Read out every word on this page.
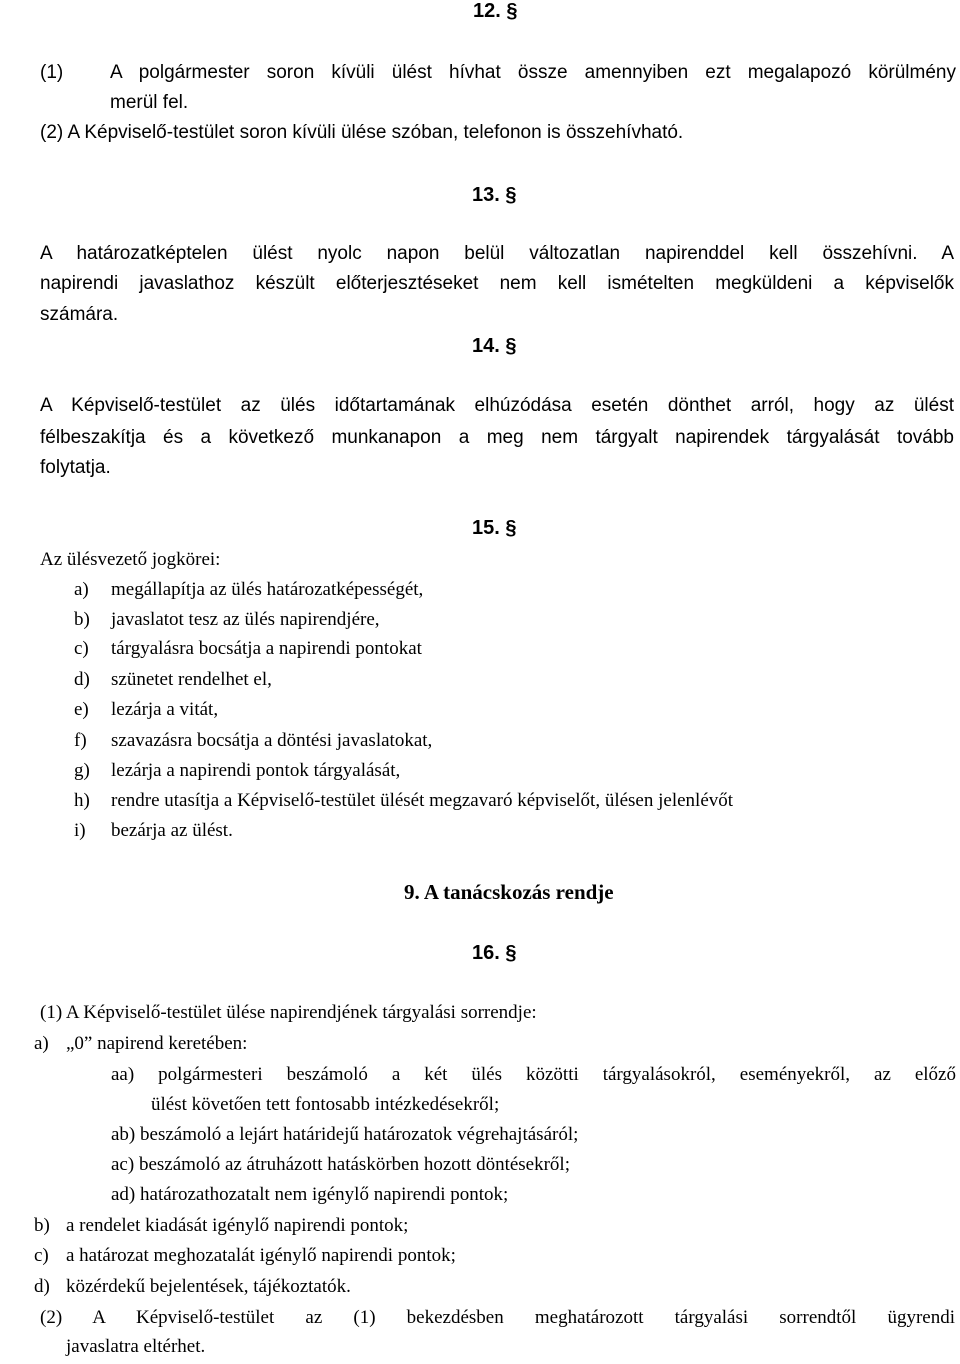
12. §
(1) A polgármester soron kívüli ülést hívhat össze amennyiben ezt megalapozó körülmény
merül fel.
(2) A Képviselő-testület soron kívüli ülése szóban, telefonon is összehívható.
13. §
A határozatképtelen ülést nyolc napon belül változatlan napirenddel kell összehívni. A
napirendi javaslathoz készült előterjesztéseket nem kell ismételten megküldeni a képviselők
számára.
14. §
A Képviselő-testület az ülés időtartamának elhúzódása esetén dönthet arról, hogy az ülést
félbeszakítja és a következő munkanapon a meg nem tárgyalt napirendek tárgyalását tovább
folytatja.
15. §
Az ülésvezető jogkörei:
a) megállapítja az ülés határozatképességét,
b) javaslatot tesz az ülés napirendjére,
c) tárgyalásra bocsátja a napirendi pontokat
d) szünetet rendelhet el,
e) lezárja a vitát,
f) szavazásra bocsátja a döntési javaslatokat,
g) lezárja a napirendi pontok tárgyalását,
h) rendre utasítja a Képviselő-testület ülését megzavaró képviselőt, ülésen jelenlévőt
i) bezárja az ülést.
9. A tanácskozás rendje
16. §
(1) A Képviselő-testület ülése napirendjének tárgyalási sorrendje:
a) „0” napirend keretében:
aa) polgármesteri beszámoló a két ülés közötti tárgyalásokról, eseményekről, az előző
ülést követően tett fontosabb intézkedésekről;
ab) beszámoló a lejárt határidejű határozatok végrehajtásáról;
ac) beszámoló az átruházott hatáskörben hozott döntésekről;
ad) határozathozatalt nem igénylő napirendi pontok;
b) a rendelet kiadását igénylő napirendi pontok;
c) a határozat meghozatalát igénylő napirendi pontok;
d) közérdekű bejelentések, tájékoztatók.
(2) A Képviselő-testület az (1) bekezdésben meghatározott tárgyalási sorrendtől ügyrendi
javaslatra eltérhet.
